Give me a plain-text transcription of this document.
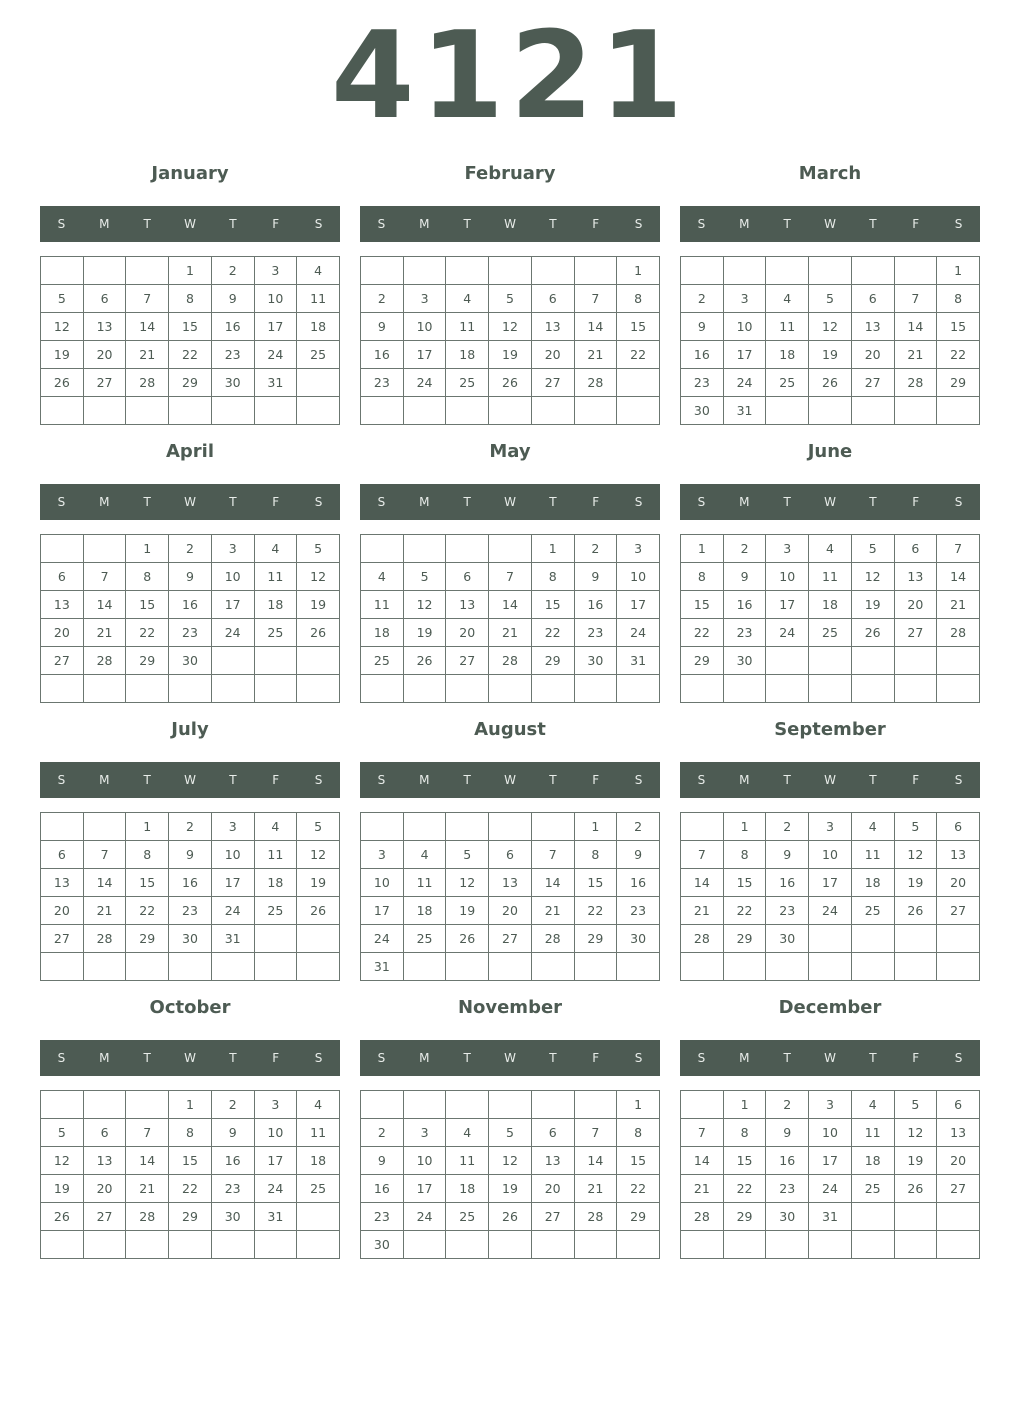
4121
January
S	M	T	W	T	F	S
			1	2	3	4
5	6	7	8	9	10	11
12	13	14	15	16	17	18
19	20	21	22	23	24	25
26	27	28	29	30	31	

February
S	M	T	W	T	F	S
						1
2	3	4	5	6	7	8
9	10	11	12	13	14	15
16	17	18	19	20	21	22
23	24	25	26	27	28	

March
S	M	T	W	T	F	S
						1
2	3	4	5	6	7	8
9	10	11	12	13	14	15
16	17	18	19	20	21	22
23	24	25	26	27	28	29
30	31					
April
S	M	T	W	T	F	S
		1	2	3	4	5
6	7	8	9	10	11	12
13	14	15	16	17	18	19
20	21	22	23	24	25	26
27	28	29	30			

May
S	M	T	W	T	F	S
				1	2	3
4	5	6	7	8	9	10
11	12	13	14	15	16	17
18	19	20	21	22	23	24
25	26	27	28	29	30	31

June
S	M	T	W	T	F	S
1	2	3	4	5	6	7
8	9	10	11	12	13	14
15	16	17	18	19	20	21
22	23	24	25	26	27	28
29	30					

July
S	M	T	W	T	F	S
		1	2	3	4	5
6	7	8	9	10	11	12
13	14	15	16	17	18	19
20	21	22	23	24	25	26
27	28	29	30	31		

August
S	M	T	W	T	F	S
					1	2
3	4	5	6	7	8	9
10	11	12	13	14	15	16
17	18	19	20	21	22	23
24	25	26	27	28	29	30
31						
September
S	M	T	W	T	F	S
	1	2	3	4	5	6
7	8	9	10	11	12	13
14	15	16	17	18	19	20
21	22	23	24	25	26	27
28	29	30				

October
S	M	T	W	T	F	S
			1	2	3	4
5	6	7	8	9	10	11
12	13	14	15	16	17	18
19	20	21	22	23	24	25
26	27	28	29	30	31	

November
S	M	T	W	T	F	S
						1
2	3	4	5	6	7	8
9	10	11	12	13	14	15
16	17	18	19	20	21	22
23	24	25	26	27	28	29
30						
December
S	M	T	W	T	F	S
	1	2	3	4	5	6
7	8	9	10	11	12	13
14	15	16	17	18	19	20
21	22	23	24	25	26	27
28	29	30	31			
